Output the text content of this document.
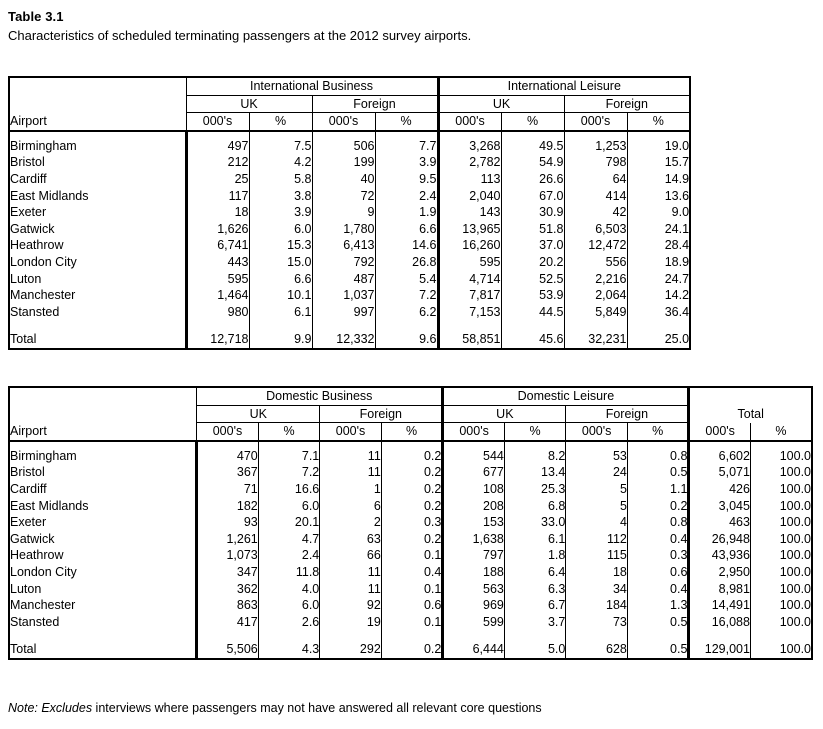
Table 3.1
Characteristics of scheduled terminating passengers at the 2012 survey airports.
	International Business				International Leisure			
	UK		Foreign		UK		Foreign	
Airport	000's	%	000's	%	000's	%	000's	%

Birmingham	497	7.5	506	7.7	3,268	49.5	1,253	19.0
Bristol	212	4.2	199	3.9	2,782	54.9	798	15.7
Cardiff	25	5.8	40	9.5	113	26.6	64	14.9
East Midlands	117	3.8	72	2.4	2,040	67.0	414	13.6
Exeter	18	3.9	9	1.9	143	30.9	42	9.0
Gatwick	1,626	6.0	1,780	6.6	13,965	51.8	6,503	24.1
Heathrow	6,741	15.3	6,413	14.6	16,260	37.0	12,472	28.4
London City	443	15.0	792	26.8	595	20.2	556	18.9
Luton	595	6.6	487	5.4	4,714	52.5	2,216	24.7
Manchester	1,464	10.1	1,037	7.2	7,817	53.9	2,064	14.2
Stansted	980	6.1	997	6.2	7,153	44.5	5,849	36.4

Total	12,718	9.9	12,332	9.6	58,851	45.6	32,231	25.0
	Domestic Business				Domestic Leisure				Total	
	UK		Foreign		UK		Foreign			
Airport	000's	%	000's	%	000's	%	000's	%	000's	%

Birmingham	470	7.1	11	0.2	544	8.2	53	0.8	6,602	100.0
Bristol	367	7.2	11	0.2	677	13.4	24	0.5	5,071	100.0
Cardiff	71	16.6	1	0.2	108	25.3	5	1.1	426	100.0
East Midlands	182	6.0	6	0.2	208	6.8	5	0.2	3,045	100.0
Exeter	93	20.1	2	0.3	153	33.0	4	0.8	463	100.0
Gatwick	1,261	4.7	63	0.2	1,638	6.1	112	0.4	26,948	100.0
Heathrow	1,073	2.4	66	0.1	797	1.8	115	0.3	43,936	100.0
London City	347	11.8	11	0.4	188	6.4	18	0.6	2,950	100.0
Luton	362	4.0	11	0.1	563	6.3	34	0.4	8,981	100.0
Manchester	863	6.0	92	0.6	969	6.7	184	1.3	14,491	100.0
Stansted	417	2.6	19	0.1	599	3.7	73	0.5	16,088	100.0

Total	5,506	4.3	292	0.2	6,444	5.0	628	0.5	129,001	100.0
Note: Excludes interviews where passengers may not have answered all relevant core questions
